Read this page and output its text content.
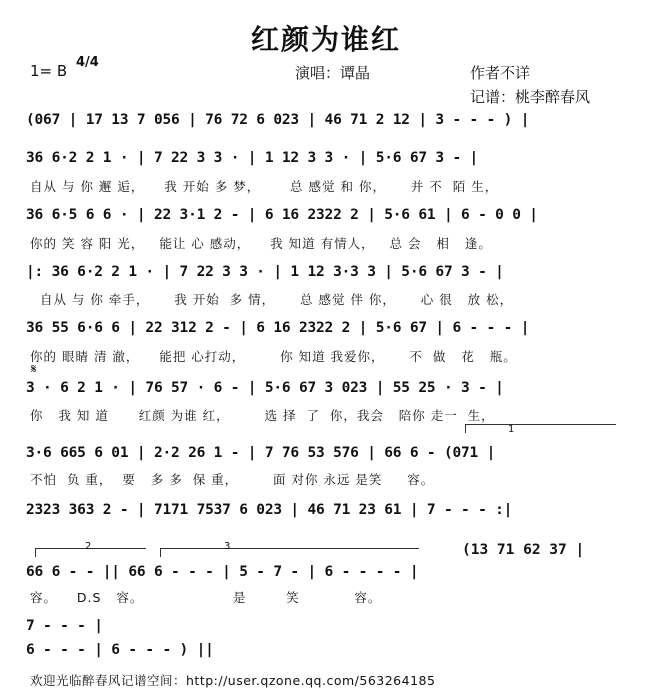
红颜为谁红
1= B 4/4
演唱：谭晶	作者不详
记谱：桃李醉春风
(067 | 17 13 7 056 | 76 72 6 023 | 46 71 2 12 | 3 - - - ) |
36 6·2 2 1 · | 7 22 3 3 · | 1 12 3 3 · | 5·6 67 3 - |
自从 与 你 邂 逅，    我 开始 多 梦，      总 感觉 和 你，     并 不  陌 生，
36 6·5 6 6 · | 22 3·1 2 - | 6 16 2322 2 | 5·6 61 | 6 - 0 0 |
你的 笑 容 阳 光，   能让 心 感动，    我 知道 有情人，   总 会   相   逢。
|: 36 6·2 2 1 · | 7 22 3 3 · | 1 12 3·3 3 | 5·6 67 3 - |
自从 与 你 牵手，     我 开始  多 情，     总 感觉 伴 你，     心 很   放 松，
36 55 6·6 6 | 22 312 2 - | 6 16 2322 2 | 5·6 67 | 6 - - - |
你的 眼睛 清 澈，    能把 心打动，       你 知道 我爱你，     不  做   花   瓶。
𝄋
3 · 6 2 1 · | 76 57 · 6 - | 5·6 67 3 023 | 55 25 · 3 - |
你   我 知 道      红颜 为谁 红，       选 择  了  你，我会   陪你 走一  生，
3·6 665 6 01 | 2·2 26 1 - | 7 76 53 576 | 66 6 - (071 |
不怕  负 重，  要   多 多  保 重，       面 对你 永远 是笑     容。
2323 363 2 - | 7171 7537 6 023 | 46 71 23 61 | 7 - - - :|
1
2	3	(13 71 62 37 |
66 6 - - || 66 6 - - - | 5 - 7 - | 6 - - - - |
容。    D.S   容。                  是        笑           容。
7 - - - |
6 - - - | 6 - - - ) ||
欢迎光临醉春风记谱空间：http://user.qzone.qq.com/563264185
